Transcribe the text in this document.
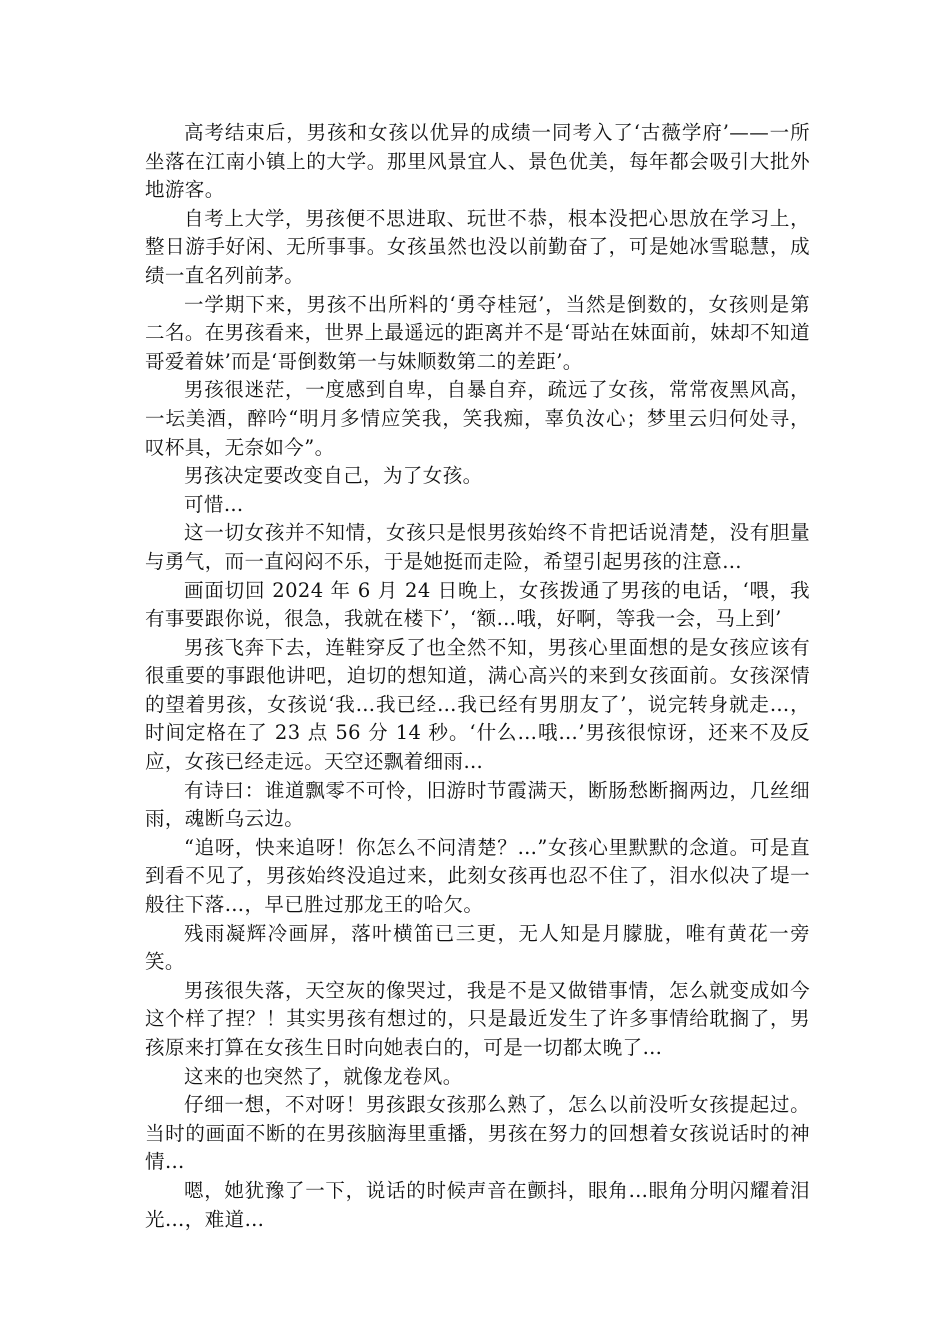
高考结束后，男孩和女孩以优异的成绩一同考入了‘古薇学府’——一所坐落在江南小镇上的大学。那里风景宜人、景色优美，每年都会吸引大批外地游客。

自考上大学，男孩便不思进取、玩世不恭，根本没把心思放在学习上，整日游手好闲、无所事事。女孩虽然也没以前勤奋了，可是她冰雪聪慧，成绩一直名列前茅。

一学期下来，男孩不出所料的‘勇夺桂冠’，当然是倒数的，女孩则是第二名。在男孩看来，世界上最遥远的距离并不是‘哥站在妹面前，妹却不知道哥爱着妹’而是‘哥倒数第一与妹顺数第二的差距’。

男孩很迷茫，一度感到自卑，自暴自弃，疏远了女孩，常常夜黑风高，一坛美酒，醉吟“明月多情应笑我，笑我痴，辜负汝心；梦里云归何处寻，叹杯具，无奈如今”。

男孩决定要改变自己，为了女孩。

可惜…

这一切女孩并不知情，女孩只是恨男孩始终不肯把话说清楚，没有胆量与勇气，而一直闷闷不乐，于是她挺而走险，希望引起男孩的注意…

画面切回 2024 年 6 月 24 日晚上，女孩拨通了男孩的电话，‘喂，我有事要跟你说，很急，我就在楼下’，‘额…哦，好啊，等我一会，马上到’

男孩飞奔下去，连鞋穿反了也全然不知，男孩心里面想的是女孩应该有很重要的事跟他讲吧，迫切的想知道，满心高兴的来到女孩面前。女孩深情的望着男孩，女孩说‘我…我已经…我已经有男朋友了’，说完转身就走…，时间定格在了 23 点 56 分 14 秒。‘什么…哦…’男孩很惊讶，还来不及反应，女孩已经走远。天空还飘着细雨…

有诗曰：谁道飘零不可怜，旧游时节霞满天，断肠愁断搁两边，几丝细雨，魂断乌云边。

“追呀，快来追呀！你怎么不问清楚？…”女孩心里默默的念道。可是直到看不见了，男孩始终没追过来，此刻女孩再也忍不住了，泪水似决了堤一般往下落…，早已胜过那龙王的哈欠。

残雨凝辉冷画屏，落叶横笛已三更，无人知是月朦胧，唯有黄花一旁笑。

男孩很失落，天空灰的像哭过，我是不是又做错事情，怎么就变成如今这个样了捏？！其实男孩有想过的，只是最近发生了许多事情给耽搁了，男孩原来打算在女孩生日时向她表白的，可是一切都太晚了…

这来的也突然了，就像龙卷风。

仔细一想，不对呀！男孩跟女孩那么熟了，怎么以前没听女孩提起过。当时的画面不断的在男孩脑海里重播，男孩在努力的回想着女孩说话时的神情…

嗯，她犹豫了一下，说话的时候声音在颤抖，眼角…眼角分明闪耀着泪光…，难道…
